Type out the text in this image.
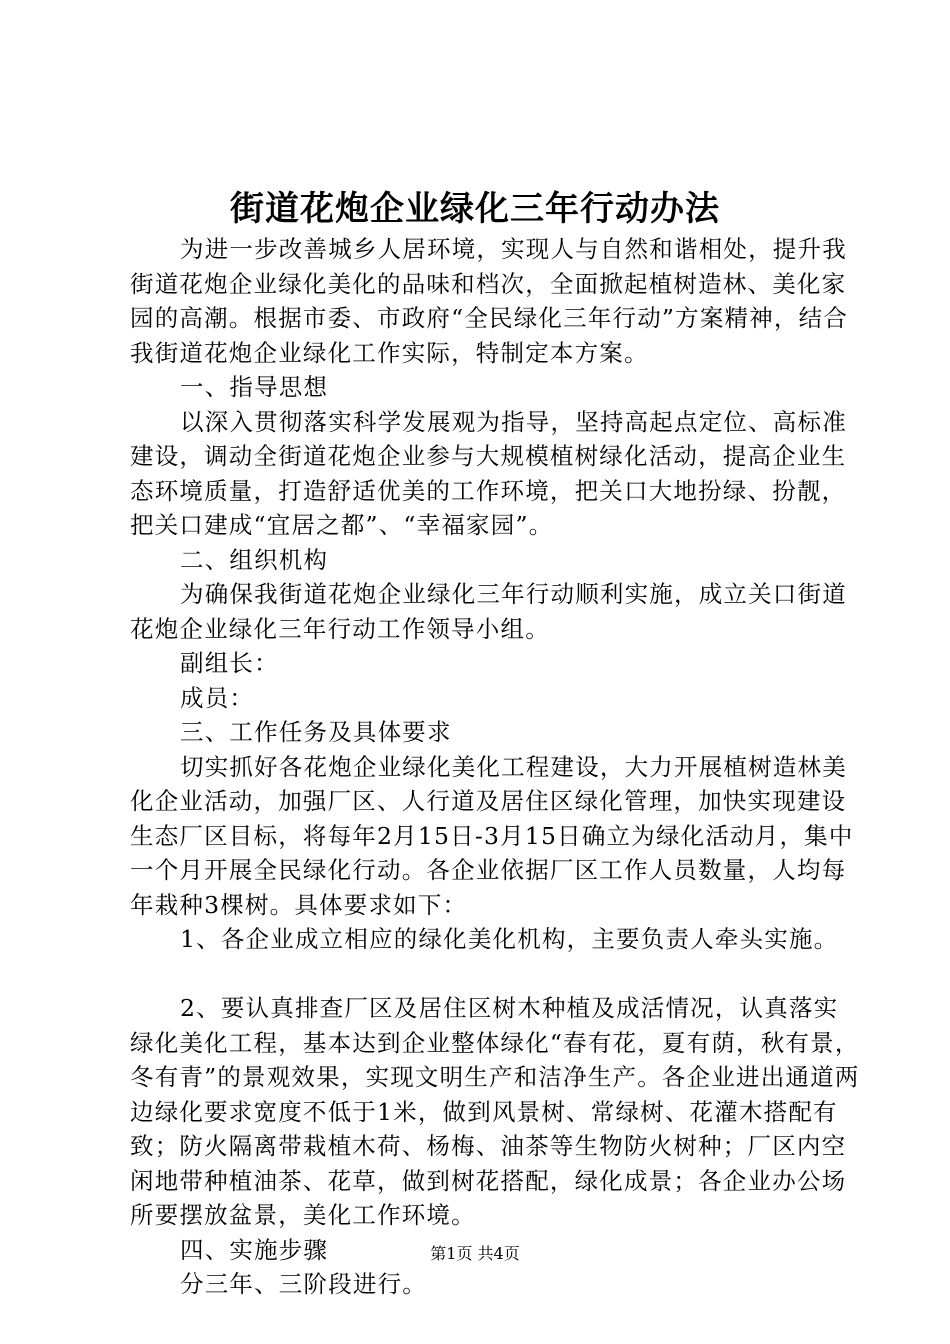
街道花炮企业绿化三年行动办法

为进一步改善城乡人居环境，实现人与自然和谐相处，提升我街道花炮企业绿化美化的品味和档次，全面掀起植树造林、美化家园的高潮。根据市委、市政府“全民绿化三年行动”方案精神，结合我街道花炮企业绿化工作实际，特制定本方案。

一、指导思想

以深入贯彻落实科学发展观为指导，坚持高起点定位、高标准建设，调动全街道花炮企业参与大规模植树绿化活动，提高企业生态环境质量，打造舒适优美的工作环境，把关口大地扮绿、扮靓，把关口建成“宜居之都”、“幸福家园”。

二、组织机构

为确保我街道花炮企业绿化三年行动顺利实施，成立关口街道花炮企业绿化三年行动工作领导小组。

副组长：

成员：

三、工作任务及具体要求

切实抓好各花炮企业绿化美化工程建设，大力开展植树造林美化企业活动，加强厂区、人行道及居住区绿化管理，加快实现建设生态厂区目标，将每年2月15日-3月15日确立为绿化活动月，集中一个月开展全民绿化行动。各企业依据厂区工作人员数量，人均每年栽种3棵树。具体要求如下：

1、各企业成立相应的绿化美化机构，主要负责人牵头实施。

2、要认真排查厂区及居住区树木种植及成活情况，认真落实绿化美化工程，基本达到企业整体绿化“春有花，夏有荫，秋有景，冬有青”的景观效果，实现文明生产和洁净生产。各企业进出通道两边绿化要求宽度不低于1米，做到风景树、常绿树、花灌木搭配有致；防火隔离带栽植木荷、杨梅、油茶等生物防火树种；厂区内空闲地带种植油茶、花草，做到树花搭配，绿化成景；各企业办公场所要摆放盆景，美化工作环境。

四、实施步骤

分三年、三阶段进行。

第1页 共4页
